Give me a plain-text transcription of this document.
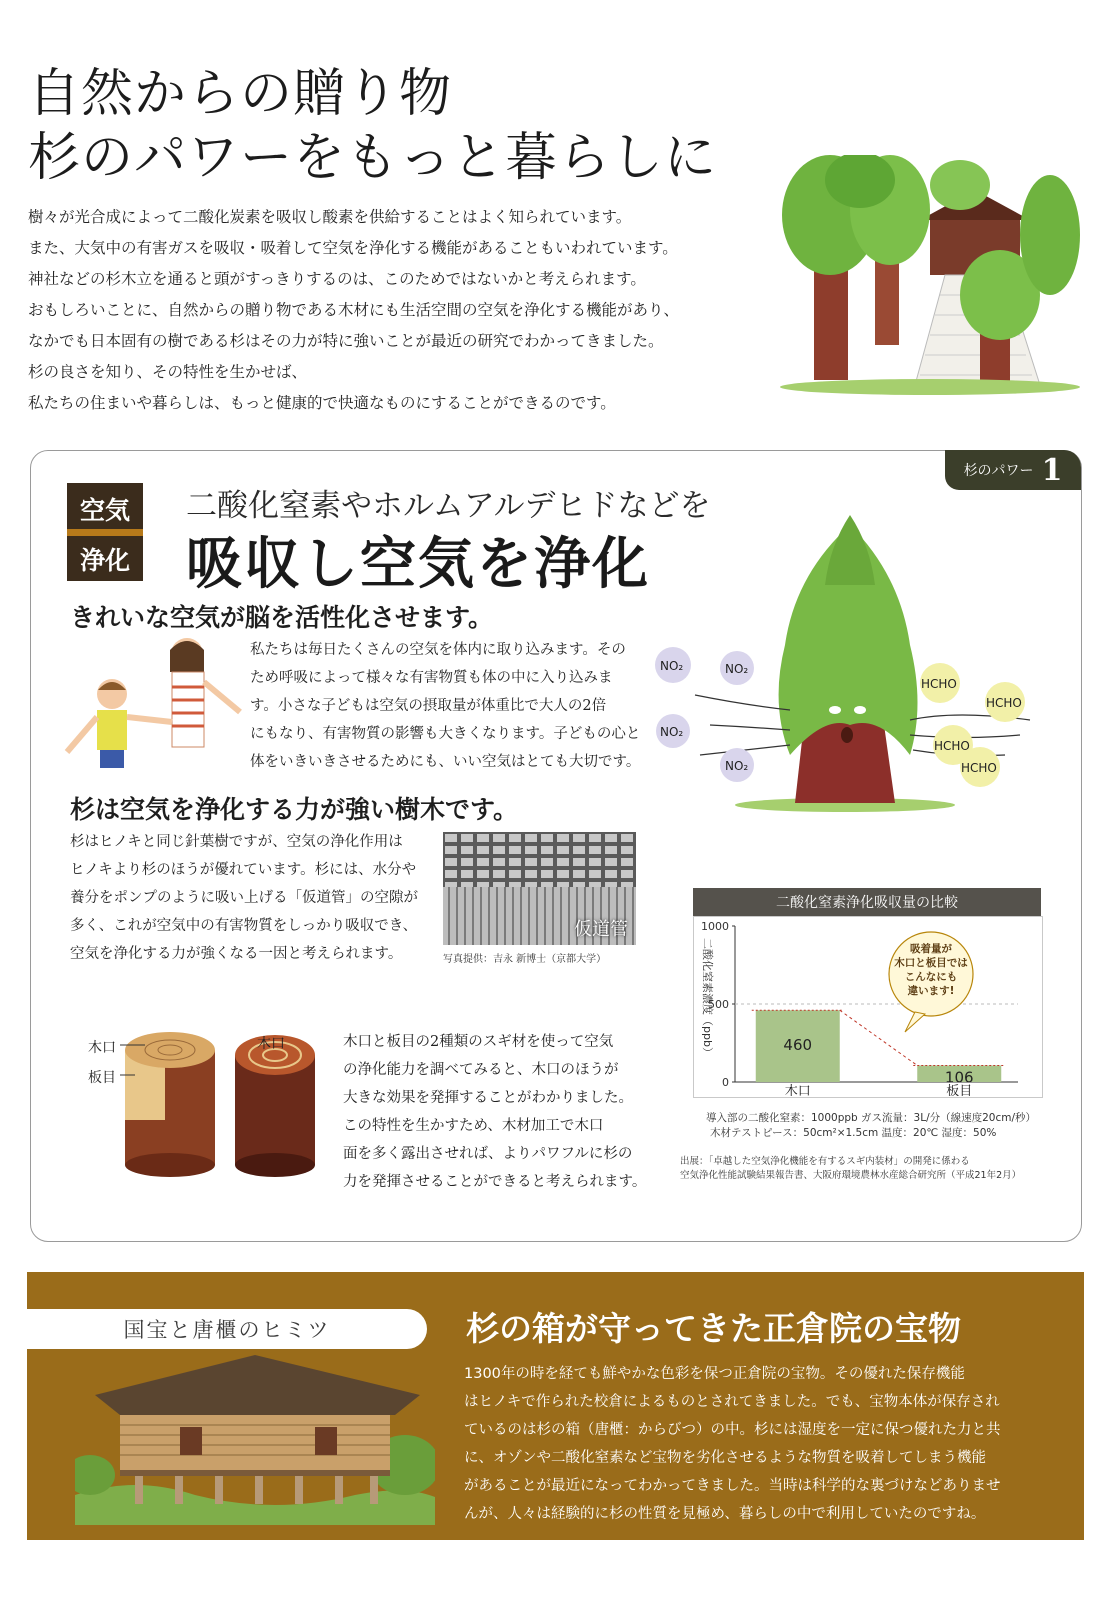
自然からの贈り物
杉のパワーをもっと暮らしに
樹々が光合成によって二酸化炭素を吸収し酸素を供給することはよく知られています。
また、大気中の有害ガスを吸収・吸着して空気を浄化する機能があることもいわれています。
神社などの杉木立を通ると頭がすっきりするのは、このためではないかと考えられます。
おもしろいことに、自然からの贈り物である木材にも生活空間の空気を浄化する機能があり、
なかでも日本固有の樹である杉はその力が特に強いことが最近の研究でわかってきました。
杉の良さを知り、その特性を生かせば、
私たちの住まいや暮らしは、もっと健康的で快適なものにすることができるのです。
杉のパワー 1
空気
浄化
二酸化窒素やホルムアルデヒドなどを
吸収し空気を浄化
きれいな空気が脳を活性化させます。
私たちは毎日たくさんの空気を体内に取り込みます。その
ため呼吸によって様々な有害物質も体の中に入り込みま
す。小さな子どもは空気の摂取量が体重比で大人の2倍
にもなり、有害物質の影響も大きくなります。子どもの心と
体をいきいきさせるためにも、いい空気はとても大切です。
NO₂	NO₂
NO₂
NO₂
HCHO
HCHO
HCHO
HCHO
杉は空気を浄化する力が強い樹木です。
杉はヒノキと同じ針葉樹ですが、空気の浄化作用は
ヒノキより杉のほうが優れています。杉には、水分や
養分をポンプのように吸い上げる「仮道管」の空隙が
多く、これが空気中の有害物質をしっかり吸収でき、
空気を浄化する力が強くなる一因と考えられます。
仮道管
写真提供：吉永 新博士（京都大学）
木口
板目
木口	木口と板目の2種類のスギ材を使って空気
の浄化能力を調べてみると、木口のほうが
大きな効果を発揮することがわかりました。
この特性を生かすため、木材加工で木口
面を多く露出させれば、よりパワフルに杉の
力を発揮させることができると考えられます。
二酸化窒素浄化吸収量の比較
二酸化窒素濃度（ppb）
0
500
1000
460
木口
106
板目
吸着量が
木口と板目では
こんなにも
違います!
導入部の二酸化窒素：1000ppb ガス流量：3L/分（線速度20cm/秒）
木材テストピース：50cm²×1.5cm 温度：20℃ 湿度：50%
出展：「卓越した空気浄化機能を有するスギ内装材」の開発に係わる
空気浄化性能試験結果報告書、大阪府環境農林水産総合研究所（平成21年2月）
国宝と唐櫃のヒミツ	杉の箱が守ってきた正倉院の宝物
1300年の時を経ても鮮やかな色彩を保つ正倉院の宝物。その優れた保存機能
はヒノキで作られた校倉によるものとされてきました。でも、宝物本体が保存され
ているのは杉の箱（唐櫃：からびつ）の中。杉には湿度を一定に保つ優れた力と共
に、オゾンや二酸化窒素など宝物を劣化させるような物質を吸着してしまう機能
があることが最近になってわかってきました。当時は科学的な裏づけなどありませ
んが、人々は経験的に杉の性質を見極め、暮らしの中で利用していたのですね。
